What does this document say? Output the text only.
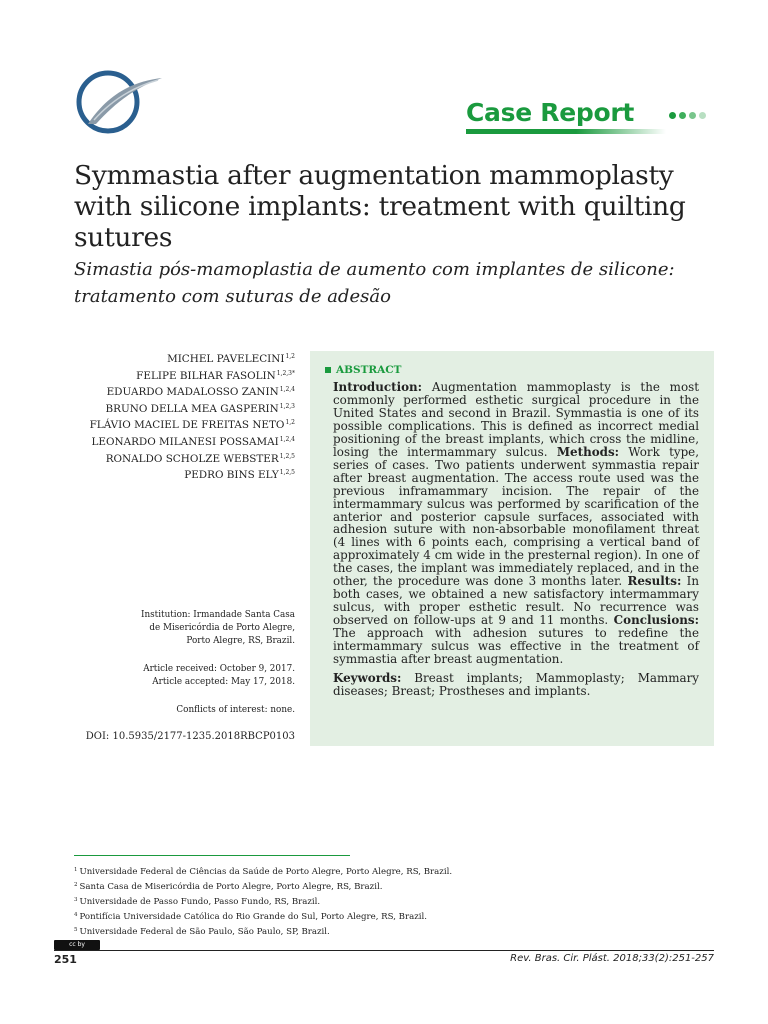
Case Report
Symmastia after augmentation mammoplasty with silicone implants: treatment with quilting sutures
Simastia pós-mamoplastia de aumento com implantes de silicone: tratamento com suturas de adesão
MICHEL PAVELECINI$^{1,2}$
FELIPE BILHAR $FASOLIN^{1,2,3*}$
EDUARDO MADALOSSO ZANIN$^{1,2,4}$
BRUNO DELLA MEA GASPERIN$^{1,2,3}$
FLÁVIO MACIEL DE FREITAS NETO$^{1,2}$
LEONARDO MILANESI POSSAMAI$^{1,2,4}$
RONALDO SCHOLZE WEBSTER$^{1,2,5}$
PEDRO BINS ELY$^{1,2,5}$
Institution: Irmandade Santa Casa
de Misericórdia de Porto Alegre,
Porto Alegre, RS, Brazil.
Article received: October 9, 2017.
Article accepted: May 17, 2018.
Conflicts of interest: none.
DOI: 10.5935/2177-1235.2018RBCP0103
ABSTRACT

Introduction: Augmentation mammoplasty is the most commonly performed esthetic surgical procedure in the United States and second in Brazil. Symmastia is one of its possible complications. This is defined as incorrect medial positioning of the breast implants, which cross the midline, losing the intermammary sulcus. Methods: Work type, series of cases. Two patients underwent symmastia repair after breast augmentation. The access route used was the previous inframammary incision. The repair of the intermammary sulcus was performed by scarification of the anterior and posterior capsule surfaces, associated with adhesion suture with non-absorbable monofilament threat (4 lines with 6 points each, comprising a vertical band of approximately 4 cm wide in the presternal region). In one of the cases, the implant was immediately replaced, and in the other, the procedure was done 3 months later. Results: In both cases, we obtained a new satisfactory intermammary sulcus, with proper esthetic result. No recurrence was observed on follow-ups at 9 and 11 months. Conclusions: The approach with adhesion sutures to redefine the intermammary sulcus was effective in the treatment of symmastia after breast augmentation.

Keywords: Breast implants; Mammoplasty; Mammary diseases; Breast; Prostheses and implants.

$^1$ Universidade Federal de Ciências da Saúde de Porto Alegre, Porto Alegre, RS, Brazil.
$^2$ Santa Casa de Misericórdia de Porto Alegre, Porto Alegre, RS, Brazil.
$^3$ Universidade de Passo Fundo, Passo Fundo, RS, Brazil.
$^4$ Pontifícia Universidade Católica do Rio Grande do Sul, Porto Alegre, RS, Brazil.
$^5$ Universidade Federal de São Paulo, São Paulo, SP, Brazil.
cc by
251	Rev. Bras. Cir. Plást. 2018;33(2):251-257
